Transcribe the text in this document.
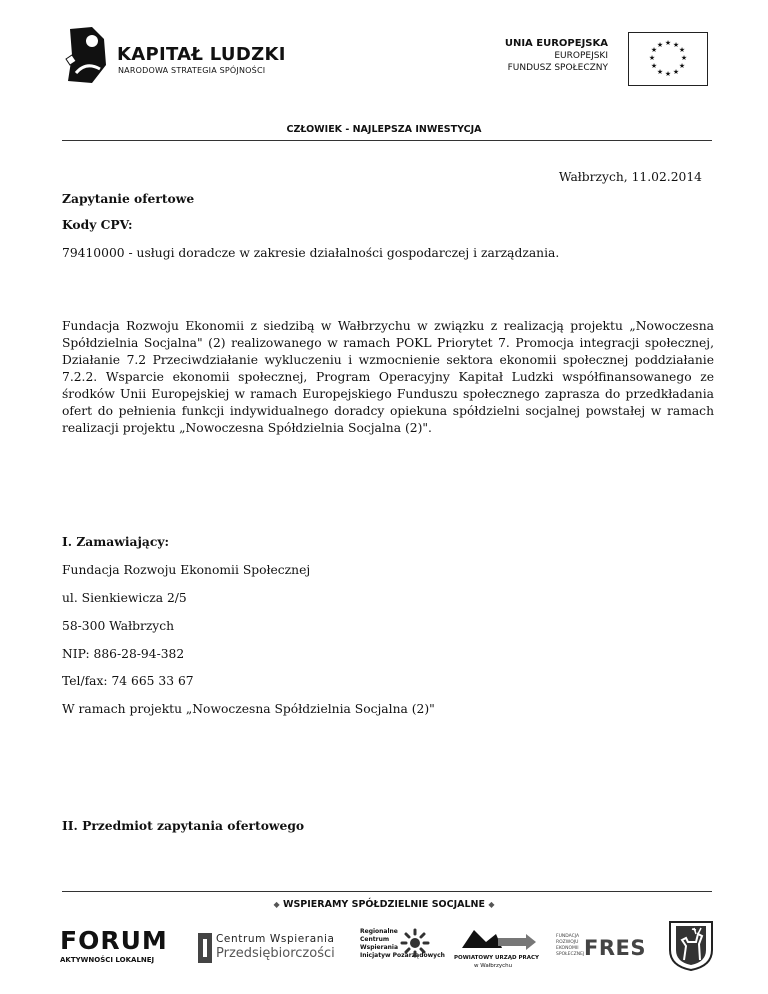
KAPITAŁ LUDZKI
NARODOWA STRATEGIA SPÓJNOŚCI
UNIA EUROPEJSKA
EUROPEJSKI
FUNDUSZ SPOŁECZNY
★ ★
★
★
★
★
★
★
★
★
★
★
CZŁOWIEK - NAJLEPSZA INWESTYCJA
Wałbrzych, 11.02.2014
Zapytanie ofertowe
Kody CPV:
79410000 - usługi doradcze w zakresie działalności gospodarczej i zarządzania.
Fundacja Rozwoju Ekonomii z siedzibą w Wałbrzychu w związku z realizacją projektu „Nowoczesna Spółdzielnia Socjalna" (2) realizowanego w ramach POKL Priorytet 7. Promocja integracji społecznej, Działanie 7.2 Przeciwdziałanie wykluczeniu i wzmocnienie sektora ekonomii społecznej poddziałanie 7.2.2. Wsparcie ekonomii społecznej, Program Operacyjny Kapitał Ludzki współfinansowanego ze środków Unii Europejskiej w ramach Europejskiego Funduszu społecznego zaprasza do przedkładania ofert do pełnienia funkcji indywidualnego doradcy opiekuna spółdzielni socjalnej powstałej w ramach realizacji projektu „Nowoczesna Spółdzielnia Socjalna (2)".
I. Zamawiający:
Fundacja Rozwoju Ekonomii Społecznej
ul. Sienkiewicza 2/5
58-300 Wałbrzych
NIP: 886-28-94-382
Tel/fax: 74 665 33 67
W ramach projektu „Nowoczesna Spółdzielnia Socjalna (2)"
II. Przedmiot zapytania ofertowego
◆ WSPIERAMY SPÓŁDZIELNIE SOCJALNE ◆
FORUM
AKTYWNOŚCI LOKALNEJ
Centrum Wspierania
Przedsiębiorczości
Regionalne
Centrum
Wspierania
Inicjatyw Pozarządowych POWIATOWY URZĄD PRACY
w Wałbrzychu
FUNDACJA
ROZWOJU
EKONOMII
SPOŁECZNEJ FRES
